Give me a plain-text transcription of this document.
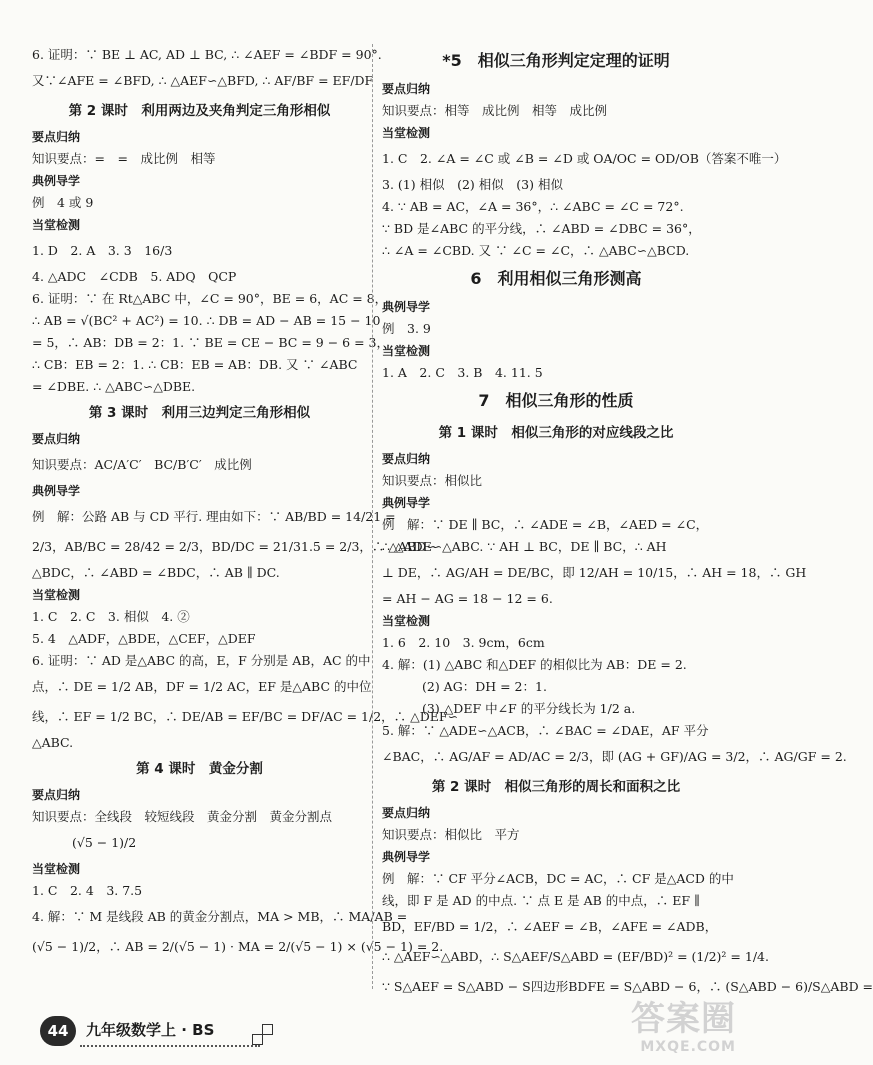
6. 证明：∵ BE ⊥ AC, AD ⊥ BC, ∴ ∠AEF = ∠BDF = 90°.
又∵∠AFE = ∠BFD, ∴ △AEF∽△BFD, ∴ AF/BF = EF/DF
第 2 课时　利用两边及夹角判定三角形相似
要点归纳
知识要点：=　=　成比例　相等
典例导学
例　4 或 9
当堂检测
1. D　2. A　3. 3　16/3
4. △ADC　∠CDB　5. ADQ　QCP
6. 证明：∵ 在 Rt△ABC 中，∠C = 90°，BE = 6，AC = 8，
∴ AB = √(BC² + AC²) = 10. ∴ DB = AD − AB = 15 − 10
= 5，∴ AB：DB = 2：1. ∵ BE = CE − BC = 9 − 6 = 3，
∴ CB：EB = 2：1. ∴ CB：EB = AB：DB. 又 ∵ ∠ABC
= ∠DBE. ∴ △ABC∽△DBE.
第 3 课时　利用三边判定三角形相似
要点归纳
知识要点：AC/A′C′　BC/B′C′　成比例
典例导学
例　解：公路 AB 与 CD 平行. 理由如下：∵ AB/BD = 14/21 =
2/3，AB/BC = 28/42 = 2/3，BD/DC = 21/31.5 = 2/3，∴ △ABD∽
△BDC，∴ ∠ABD = ∠BDC，∴ AB ∥ DC.
当堂检测
1. C　2. C　3. 相似　4. ②
5. 4　△ADF，△BDE，△CEF，△DEF
6. 证明：∵ AD 是△ABC 的高，E，F 分别是 AB，AC 的中
点，∴ DE = 1/2 AB，DF = 1/2 AC，EF 是△ABC 的中位
线，∴ EF = 1/2 BC，∴ DE/AB = EF/BC = DF/AC = 1/2，∴ △DEF∽
△ABC.
第 4 课时　黄金分割
要点归纳
知识要点：全线段　较短线段　黄金分割　黄金分割点
(√5 − 1)/2
当堂检测
1. C　2. 4　3. 7.5
4. 解：∵ M 是线段 AB 的黄金分割点，MA > MB，∴ MA/AB =
(√5 − 1)/2，∴ AB = 2/(√5 − 1) · MA = 2/(√5 − 1) × (√5 − 1) = 2.
*5　相似三角形判定定理的证明
要点归纳
知识要点：相等　成比例　相等　成比例
当堂检测
1. C　2. ∠A = ∠C 或 ∠B = ∠D 或 OA/OC = OD/OB（答案不唯一）
3. (1) 相似　(2) 相似　(3) 相似
4. ∵ AB = AC，∠A = 36°，∴ ∠ABC = ∠C = 72°.
∵ BD 是∠ABC 的平分线，∴ ∠ABD = ∠DBC = 36°，
∴ ∠A = ∠CBD. 又 ∵ ∠C = ∠C，∴ △ABC∽△BCD.
6　利用相似三角形测高
典例导学
例　3. 9
当堂检测
1. A　2. C　3. B　4. 11. 5
7　相似三角形的性质
第 1 课时　相似三角形的对应线段之比
要点归纳
知识要点：相似比
典例导学
例　解：∵ DE ∥ BC，∴ ∠ADE = ∠B，∠AED = ∠C，
∴ △ADE∽△ABC. ∵ AH ⊥ BC，DE ∥ BC，∴ AH
⊥ DE，∴ AG/AH = DE/BC，即 12/AH = 10/15，∴ AH = 18，∴ GH
= AH − AG = 18 − 12 = 6.
当堂检测
1. 6　2. 10　3. 9cm，6cm
4. 解：(1) △ABC 和△DEF 的相似比为 AB：DE = 2.
(2) AG：DH = 2：1.
(3) △DEF 中∠F 的平分线长为 1/2 a.
5. 解：∵ △ADE∽△ACB，∴ ∠BAC = ∠DAE，AF 平分
∠BAC，∴ AG/AF = AD/AC = 2/3，即 (AG + GF)/AG = 3/2，∴ AG/GF = 2.
第 2 课时　相似三角形的周长和面积之比
要点归纳
知识要点：相似比　平方
典例导学
例　解：∵ CF 平分∠ACB，DC = AC，∴ CF 是△ACD 的中
线，即 F 是 AD 的中点. ∵ 点 E 是 AB 的中点，∴ EF ∥
BD，EF/BD = 1/2，∴ ∠AEF = ∠B，∠AFE = ∠ADB，
∴ △AEF∽△ABD，∴ S△AEF/S△ABD = (EF/BD)² = (1/2)² = 1/4.
∵ S△AEF = S△ABD − S四边形BDFE = S△ABD − 6，∴ (S△ABD − 6)/S△ABD =
44	九年级数学上 · BS	答案圈
MXQE.COM
